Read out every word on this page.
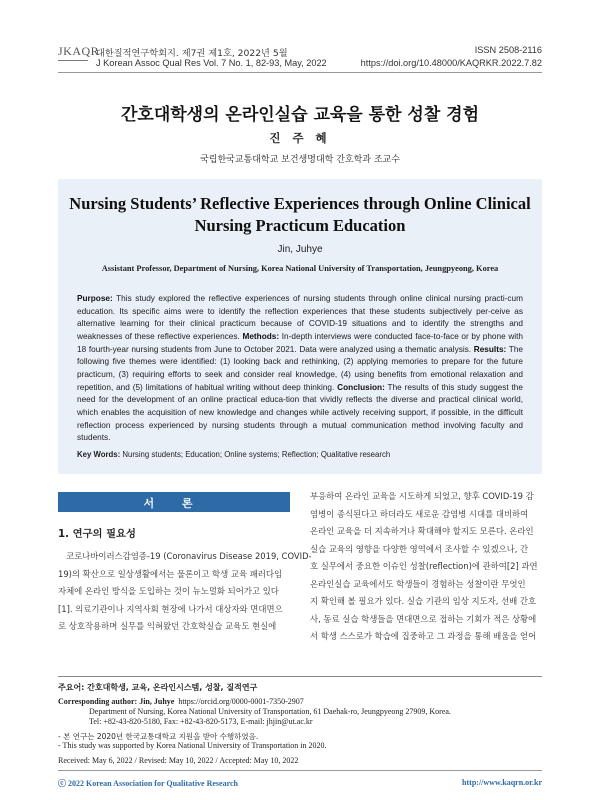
JKAQR
대한질적연구학회지. 제7권 제1호, 2022년 5월
J Korean Assoc Qual Res Vol. 7 No. 1, 82-93, May, 2022
ISSN 2508-2116
https://doi.org/10.48000/KAQRKR.2022.7.82
간호대학생의 온라인실습 교육을 통한 성찰 경험
진 주 혜
국립한국교통대학교 보건생명대학 간호학과 조교수
Nursing Students’ Reflective Experiences through Online Clinical
Nursing Practicum Education
Jin, Juhye
Assistant Professor, Department of Nursing, Korea National University of Transportation, Jeungpyeong, Korea
Purpose: This study explored the reflective experiences of nursing students through online clinical nursing practi-cum education. Its specific aims were to identify the reflection experiences that these students subjectively per-ceive as alternative learning for their clinical practicum because of COVID-19 situations and to identify the strengths and weaknesses of these reflective experiences. Methods: In-depth interviews were conducted face-to-face or by phone with 18 fourth-year nursing students from June to October 2021. Data were analyzed using a thematic analysis. Results: The following five themes were identified: (1) looking back and rethinking, (2) applying memories to prepare for the future practicum, (3) requiring efforts to seek and consider real knowledge, (4) using benefits from emotional relaxation and repetition, and (5) limitations of habitual writing without deep thinking. Conclusion: The results of this study suggest the need for the development of an online practical educa-tion that vividly reflects the diverse and practical clinical world, which enables the acquisition of new knowledge and changes while actively receiving support, if possible, in the difficult reflection process experienced by nursing students through a mutual communication method involving faculty and students.
Key Words: Nursing students; Education; Online systems; Reflection; Qualitative research
서 론
1. 연구의 필요성
코로나바이러스감염증-19 (Coronavirus Disease 2019, COVID-
19)의 확산으로 일상생활에서는 물론이고 학생 교육 패러다임
자체에 온라인 방식을 도입하는 것이 뉴노멀화 되어가고 있다
[1]. 의료기관이나 지역사회 현장에 나가서 대상자와 면대면으
로 상호작용하며 실무를 익혀왔던 간호학실습 교육도 현실에
부응하여 온라인 교육을 시도하게 되었고, 향후 COVID-19 감
염병이 종식된다고 하더라도 새로운 감염병 시대를 대비하여
온라인 교육을 더 지속하거나 확대해야 할지도 모른다. 온라인
실습 교육의 영향을 다양한 영역에서 조사할 수 있겠으나, 간
호 실무에서 중요한 이슈인 성찰(reflection)에 관하여[2] 과연
온라인실습 교육에서도 학생들이 경험하는 성찰이란 무엇인
지 확인해 볼 필요가 있다. 실습 기관의 임상 지도자, 선배 간호
사, 동료 실습 학생들을 면대면으로 접하는 기회가 적은 상황에
서 학생 스스로가 학습에 집중하고 그 과정을 통해 배움을 얻어
주요어: 간호대학생, 교육, 온라인시스템, 성찰, 질적연구
Corresponding author: Jin, Juhye https://orcid.org/0000-0001-7350-2907
Department of Nursing, Korea National University of Transportation, 61 Daehak-ro, Jeungpyeong 27909, Korea.
Tel: +82-43-820-5180, Fax: +82-43-820-5173, E-mail: jhjin@ut.ac.kr
- 본 연구는 2020년 한국교통대학교 지원을 받아 수행하였음.
- This study was supported by Korea National University of Transportation in 2020.
Received: May 6, 2022 / Revised: May 10, 2022 / Accepted: May 10, 2022
ⓒ 2022 Korean Association for Qualitative Research	http://www.kaqrn.or.kr
